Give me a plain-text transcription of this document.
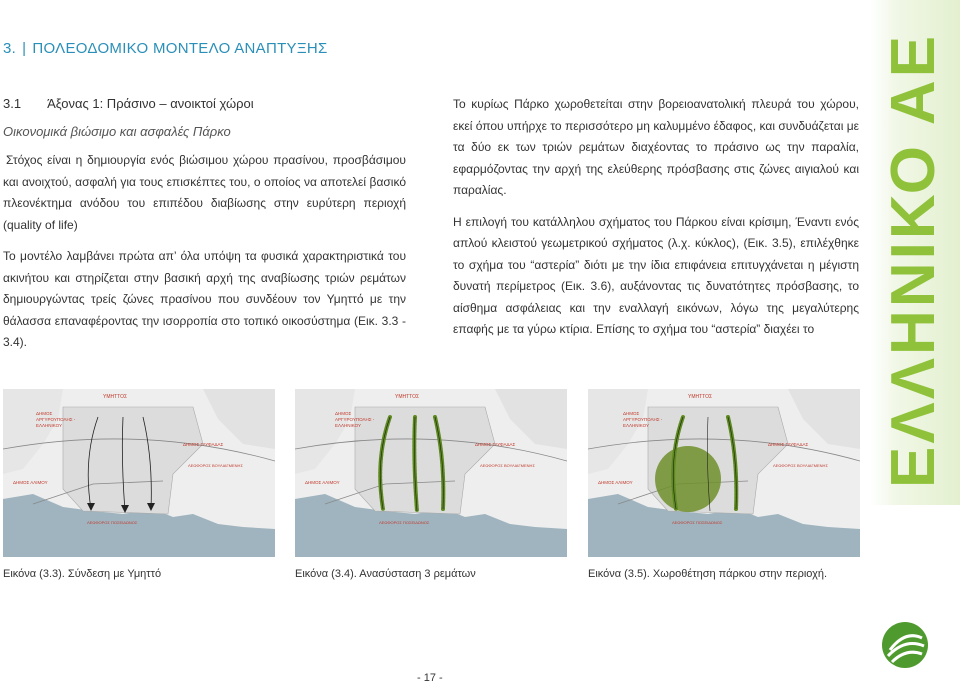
ΕΛΛΗΝΙΚΟ ΑΕ
3. | ΠΟΛΕΟΔΟΜΙΚΟ ΜΟΝΤΕΛΟ ΑΝΑΠΤΥΞΗΣ
3.1 Άξονας 1: Πράσινο – ανοικτοί χώροι
Οικονομικά βιώσιμο και ασφαλές Πάρκο

Στόχος είναι η δημιουργία ενός βιώσιμου χώρου πρασίνου, προσβάσιμου και ανοιχτού, ασφαλή για τους επισκέπτες του, ο οποίος να αποτελεί βασικό πλεονέκτημα ανόδου του επιπέδου διαβίωσης στην ευρύτερη περιοχή (quality of life)

Το μοντέλο λαμβάνει πρώτα απ’ όλα υπόψη τα φυσικά χαρακτηριστικά του ακινήτου και στηρίζεται στην βασική αρχή της αναβίωσης τριών ρεμάτων δημιουργώντας τρείς ζώνες πρασίνου που συνδέουν τον Υμηττό με την θάλασσα επαναφέροντας την ισορροπία στο τοπικό οικοσύστημα (Εικ. 3.3 - 3.4).

Το κυρίως Πάρκο χωροθετείται στην βορειοανατολική πλευρά του χώρου, εκεί όπου υπήρχε το περισσότερο μη καλυμμένο έδαφος, και συνδυάζεται με τα δύο εκ των τριών ρεμάτων διαχέοντας το πράσινο ως την παραλία, εφαρμόζοντας την αρχή της ελεύθερης πρόσβασης στις ζώνες αιγιαλού και παραλίας.

Η επιλογή του κατάλληλου σχήματος του Πάρκου είναι κρίσιμη, Έναντι ενός απλού κλειστού γεωμετρικού σχήματος (λ.χ. κύκλος), (Εικ. 3.5), επιλέχθηκε το σχήμα του “αστερία” διότι με την ίδια επιφάνεια επιτυγχάνεται η μέγιστη δυνατή περίμετρος (Εικ. 3.6), αυξάνοντας τις δυνατότητες πρόσβασης, το αίσθημα ασφάλειας και την εναλλαγή εικόνων, λόγω της μεγαλύτερης επαφής με τα γύρω κτίρια. Επίσης το σχήμα του “αστερία” διαχέει το

ΥΜΗΤΤΟΣ
ΔΗΜΟΣ
ΑΡΓΥΡΟΥΠΟΛΗΣ -
ΕΛΛΗΝΙΚΟΥ
ΔΗΜΟΣ ΓΛΥΦΑΔΑΣ
ΛΕΩΦΟΡΟΣ ΒΟΥΛΙΑΓΜΕΝΗΣ
ΔΗΜΟΣ ΑΛΙΜΟΥ
ΛΕΩΦΟΡΟΣ ΠΟΣΕΙΔΩΝΟΣ
ΥΜΗΤΤΟΣ
ΔΗΜΟΣ
ΑΡΓΥΡΟΥΠΟΛΗΣ -
ΕΛΛΗΝΙΚΟΥ
ΔΗΜΟΣ ΓΛΥΦΑΔΑΣ
ΛΕΩΦΟΡΟΣ ΒΟΥΛΙΑΓΜΕΝΗΣ
ΔΗΜΟΣ ΑΛΙΜΟΥ
ΛΕΩΦΟΡΟΣ ΠΟΣΕΙΔΩΝΟΣ
ΥΜΗΤΤΟΣ
ΔΗΜΟΣ
ΑΡΓΥΡΟΥΠΟΛΗΣ -
ΕΛΛΗΝΙΚΟΥ
ΔΗΜΟΣ ΓΛΥΦΑΔΑΣ
ΛΕΩΦΟΡΟΣ ΒΟΥΛΙΑΓΜΕΝΗΣ
ΔΗΜΟΣ ΑΛΙΜΟΥ
ΛΕΩΦΟΡΟΣ ΠΟΣΕΙΔΩΝΟΣ
Εικόνα (3.3). Σύνδεση με Υμηττό	Εικόνα (3.4). Ανασύσταση 3 ρεμάτων	Εικόνα (3.5). Χωροθέτηση πάρκου στην περιοχή.
- 17 -
